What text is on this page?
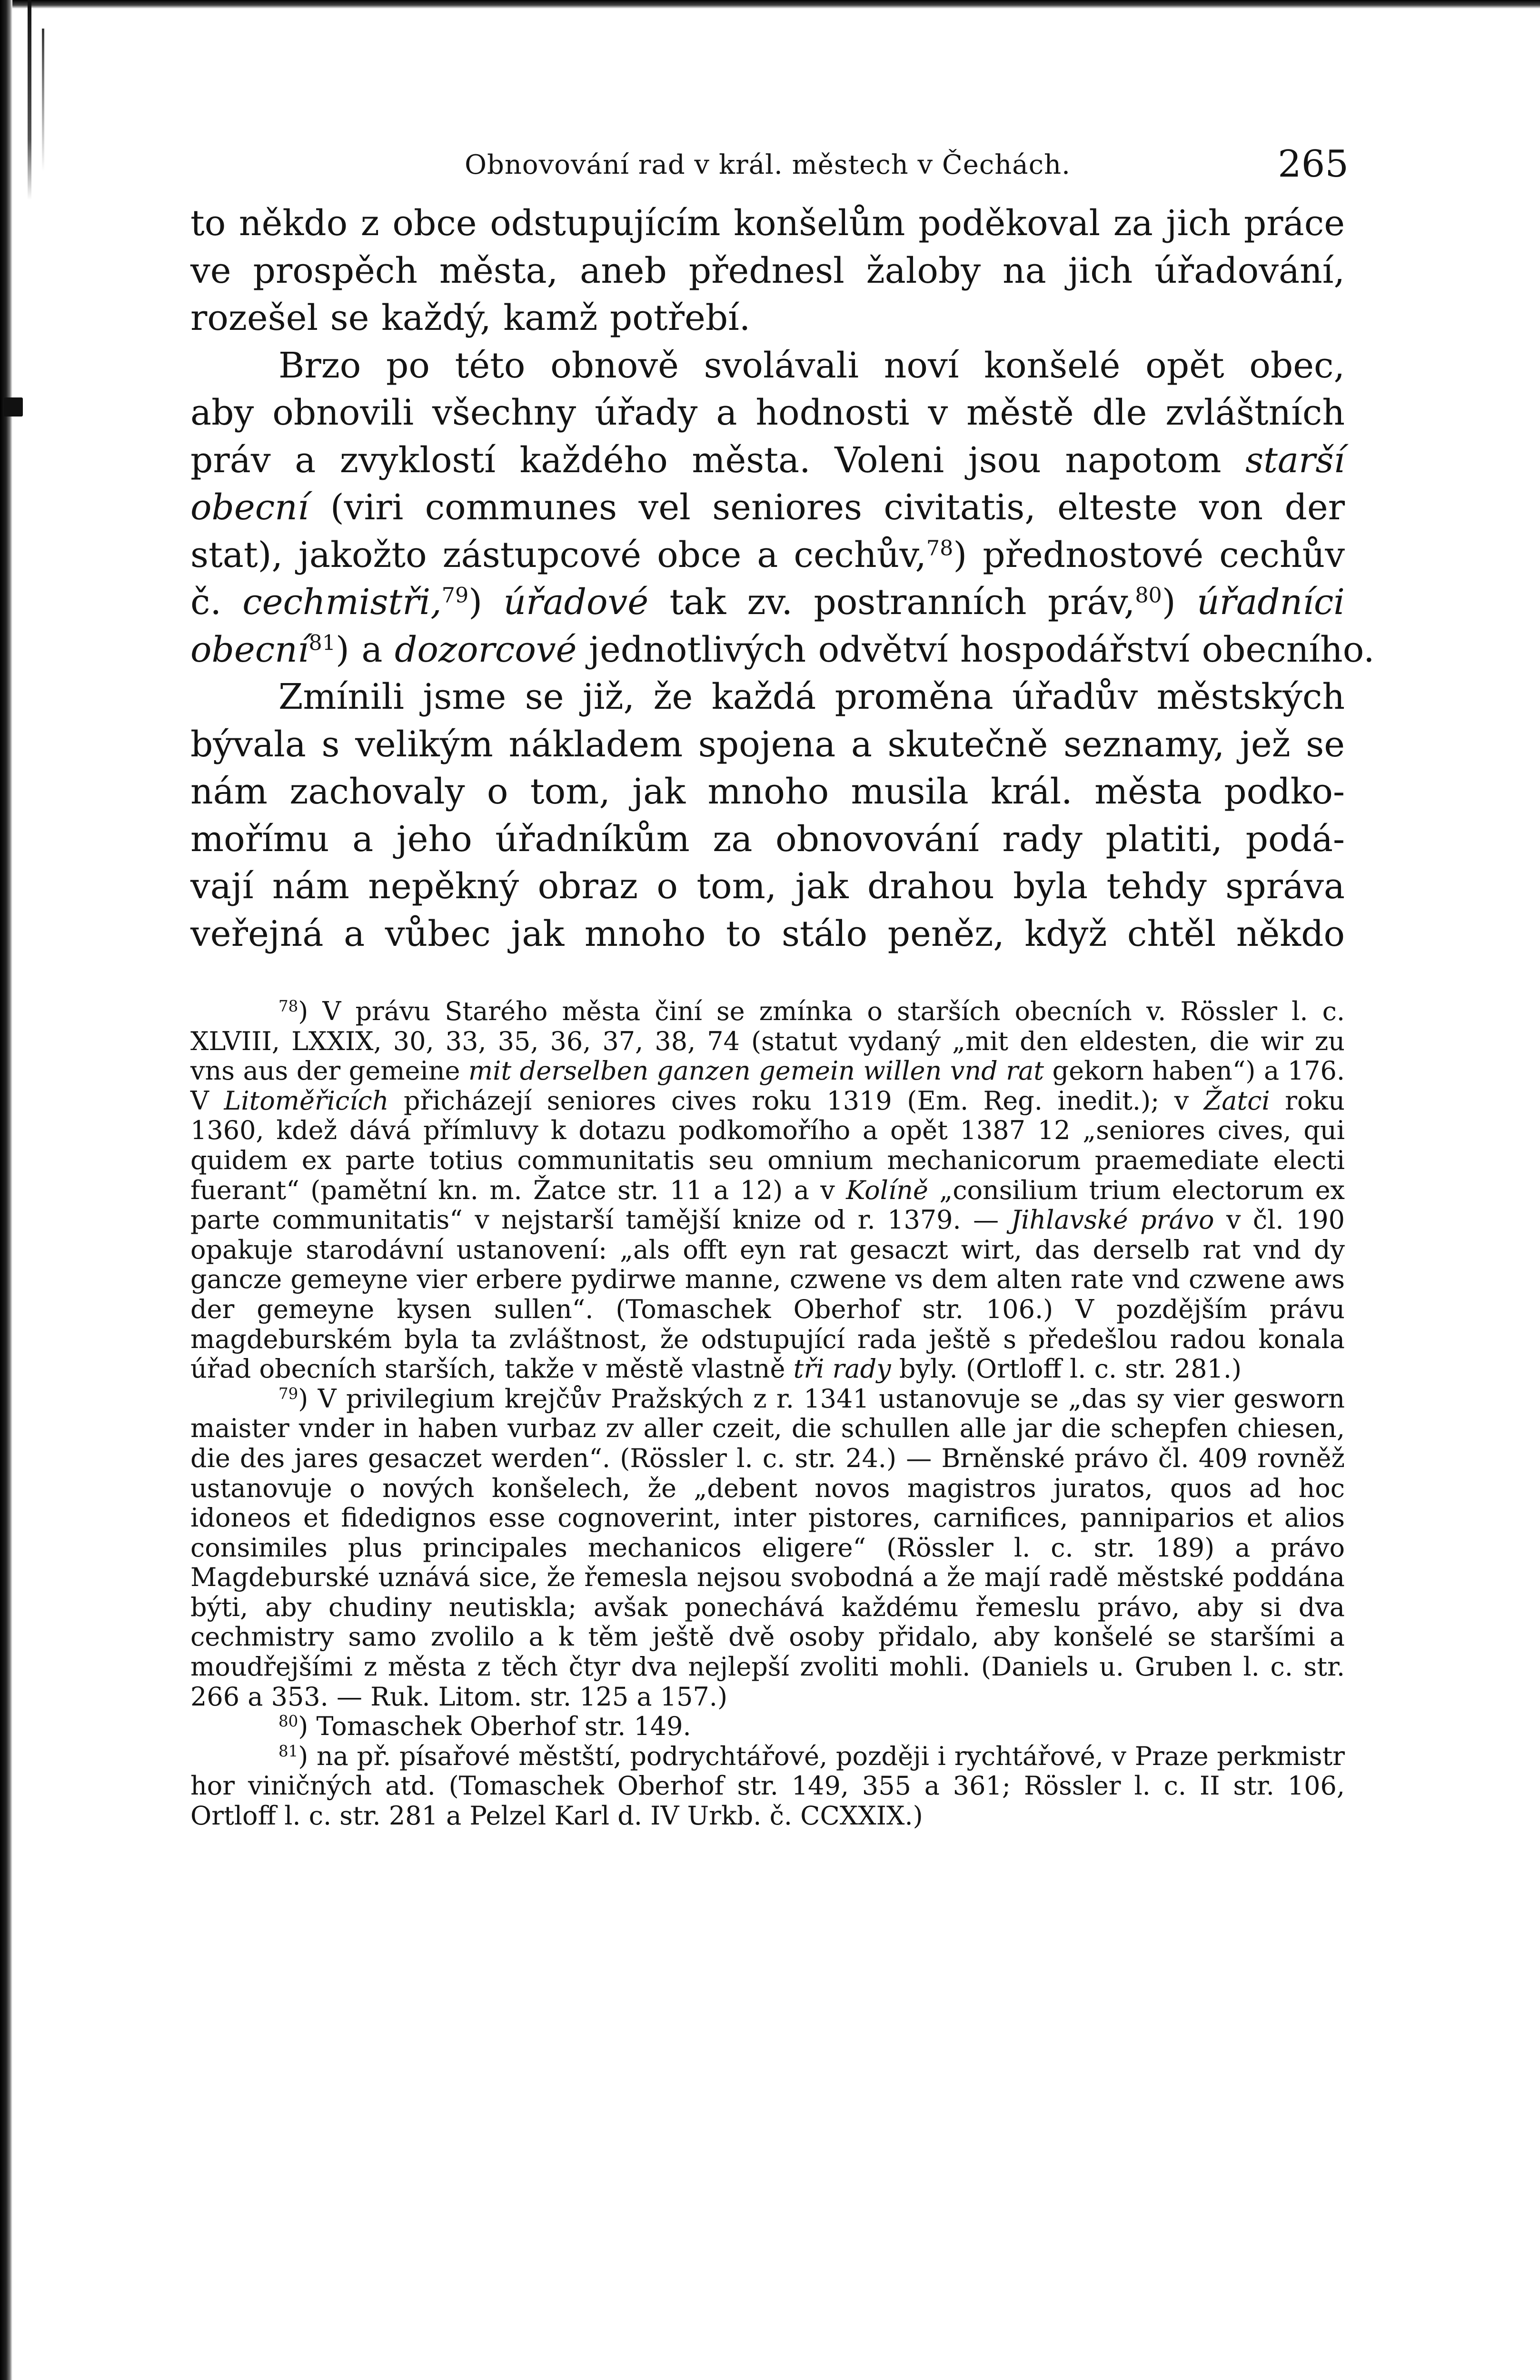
Obnovování rad v král. městech v Čechách.	265
to někdo z obce odstupujícím konšelům poděkoval za jich práce
ve prospěch města, aneb přednesl žaloby na jich úřadování,
rozešel se každý, kamž potřebí.
Brzo po této obnově svolávali noví konšelé opět obec,
aby obnovili všechny úřady a hodnosti v městě dle zvláštních
práv a zvyklostí každého města. Voleni jsou napotom starší
obecní (viri communes vel seniores civitatis, elteste von der
stat), jakožto zástupcové obce a cechův,$^{78}$) přednostové cechův
č. cechmistři,$^{79}$) úřadové tak zv. postranních práv,$^{80}$) úřadníci
obecní$^{81}$) a dozorcové jednotlivých odvětví hospodářství obecního.
Zmínili jsme se již, že každá proměna úřadův městských
bývala s velikým nákladem spojena a skutečně seznamy, jež se
nám zachovaly o tom, jak mnoho musila král. města podko-
mořímu a jeho úřadníkům za obnovování rady platiti, podá-
vají nám nepěkný obraz o tom, jak drahou byla tehdy správa
veřejná a vůbec jak mnoho to stálo peněz, když chtěl někdo

$^{78}$) V právu Starého města činí se zmínka o starších obecních v. Rössler l. c. XLVIII, LXXIX, 30, 33, 35, 36, 37, 38, 74 (statut vydaný „mit den eldesten, die wir zu vns aus der gemeine mit derselben ganzen gemein willen vnd rat gekorn haben“) a 176. V Litoměřicích přicházejí seniores cives roku 1319 (Em. Reg. inedit.); v Žatci roku 1360, kdež dává přímluvy k dotazu podkomořího a opět 1387 12 „seniores cives, qui quidem ex parte totius communitatis seu omnium mechanicorum praemediate electi fuerant“ (pamětní kn. m. Žatce str. 11 a 12) a v Kolíně „consilium trium electorum ex parte communitatis“ v nejstarší tamější knize od r. 1379. — Jihlavské právo v čl. 190 opakuje starodávní ustanovení: „als offt eyn rat gesaczt wirt, das derselb rat vnd dy gancze gemeyne vier erbere pydirwe manne, czwene vs dem alten rate vnd czwene aws der gemeyne kysen sullen“. (Tomaschek Oberhof str. 106.) V pozdějším právu magdeburském byla ta zvláštnost, že odstupující rada ještě s předešlou radou konala úřad obecních starších, takže v městě vlastně tři rady byly. (Ortloff l. c. str. 281.)

$^{79}$) V privilegium krejčův Pražských z r. 1341 ustanovuje se „das sy vier gesworn maister vnder in haben vurbaz zv aller czeit, die schullen alle jar die schepfen chiesen, die des jares gesaczet werden“. (Rössler l. c. str. 24.) — Brněnské právo čl. 409 rovněž ustanovuje o nových konšelech, že „debent novos magistros juratos, quos ad hoc idoneos et fidedignos esse cognoverint, inter pistores, carnifices, panniparios et alios consimiles plus principales mechanicos eligere“ (Rössler l. c. str. 189) a právo Magdeburské uznává sice, že řemesla nejsou svobodná a že mají radě městské poddána býti, aby chudiny neutiskla; avšak ponechává každému řemeslu právo, aby si dva cechmistry samo zvolilo a k těm ještě dvě osoby přidalo, aby konšelé se staršími a moudřejšími z města z těch čtyr dva nejlepší zvoliti mohli. (Daniels u. Gruben l. c. str. 266 a 353. — Ruk. Litom. str. 125 a 157.)

$^{80}$) Tomaschek Oberhof str. 149.

$^{81}$) na př. písařové městští, podrychtářové, později i rychtářové, v Praze perkmistr hor viničných atd. (Tomaschek Oberhof str. 149, 355 a 361; Rössler l. c. II str. 106, Ortloff l. c. str. 281 a Pelzel Karl d. IV Urkb. č. CCXXIX.)
